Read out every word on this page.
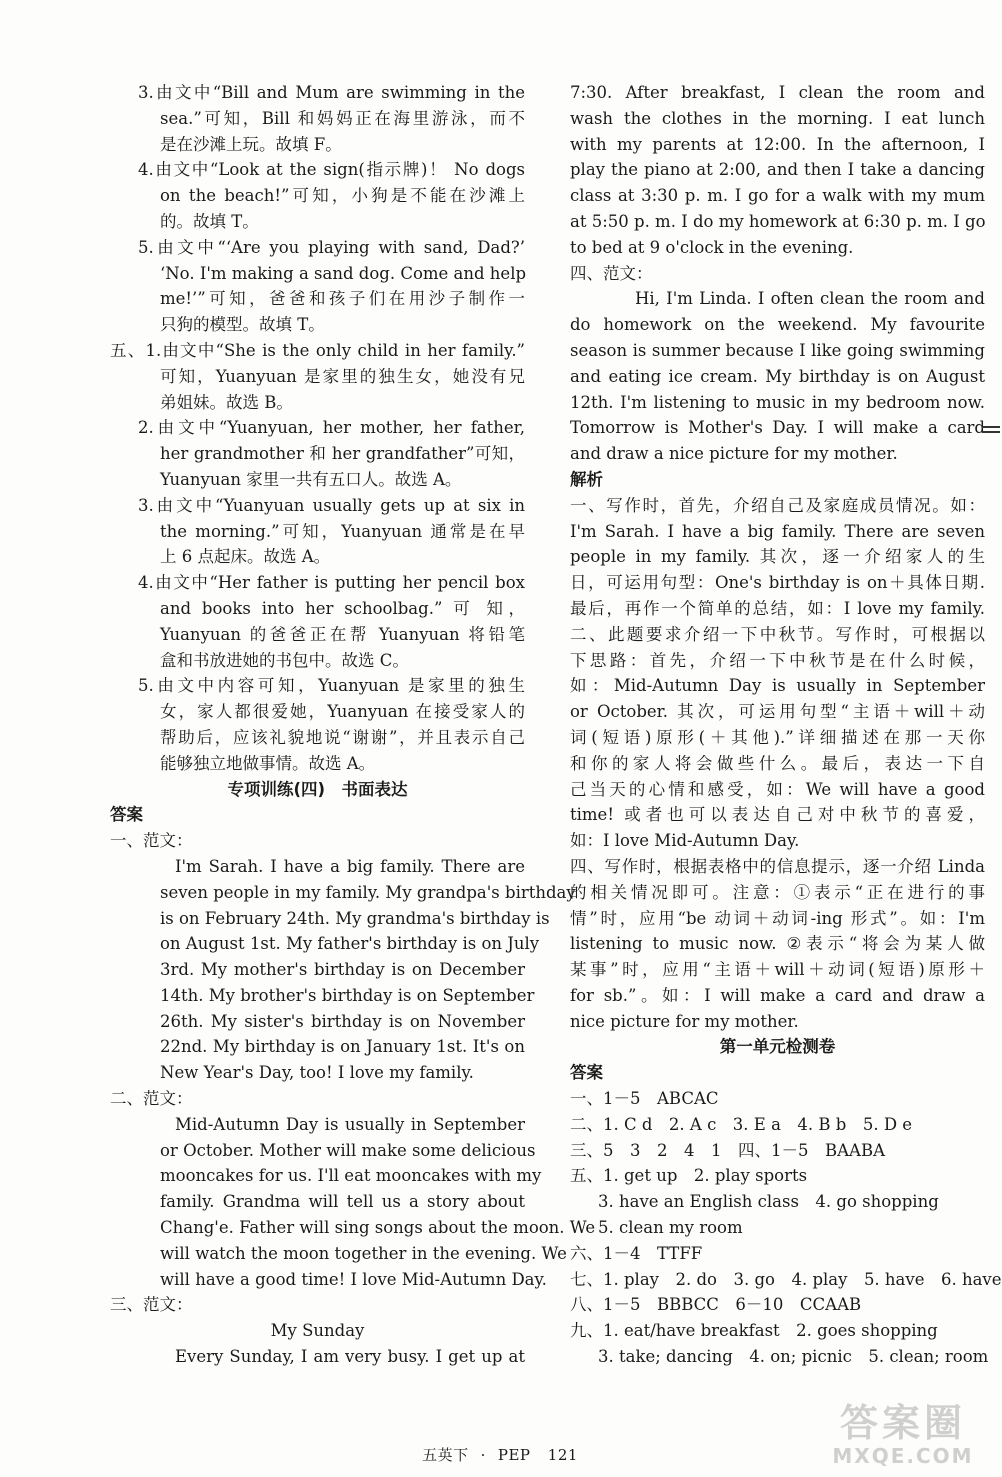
3.由文中“Bill and Mum are swimming in the
sea.”可知，Bill 和妈妈正在海里游泳，而不
是在沙滩上玩。故填 F。
4.由文中“Look at the sign(指示牌)！ No dogs
on the beach!”可知，小狗是不能在沙滩上
的。故填 T。
5.由文中“‘Are you playing with sand, Dad?’
‘No. I'm making a sand dog. Come and help
me!’”可知，爸爸和孩子们在用沙子制作一
只狗的模型。故填 T。
五、1.由文中“She is the only child in her family.”
可知，Yuanyuan 是家里的独生女，她没有兄
弟姐妹。故选 B。
2.由文中“Yuanyuan, her mother, her father,
her grandmother 和 her grandfather”可知，
Yuanyuan 家里一共有五口人。故选 A。
3.由文中“Yuanyuan usually gets up at six in
the morning.”可知，Yuanyuan 通常是在早
上 6 点起床。故选 A。
4.由文中“Her father is putting her pencil box
and books into her schoolbag.” 可 知，
Yuanyuan 的爸爸正在帮 Yuanyuan 将铅笔
盒和书放进她的书包中。故选 C。
5.由文中内容可知，Yuanyuan 是家里的独生
女，家人都很爱她，Yuanyuan 在接受家人的
帮助后，应该礼貌地说“谢谢”，并且表示自己
能够独立地做事情。故选 A。
专项训练(四)　书面表达
答案
一、范文：
I'm Sarah. I have a big family. There are
seven people in my family. My grandpa's birthday
is on February 24th. My grandma's birthday is
on August 1st. My father's birthday is on July
3rd. My mother's birthday is on December
14th. My brother's birthday is on September
26th. My sister's birthday is on November
22nd. My birthday is on January 1st. It's on
New Year's Day, too! I love my family.
二、范文：
Mid-Autumn Day is usually in September
or October. Mother will make some delicious
mooncakes for us. I'll eat mooncakes with my
family. Grandma will tell us a story about
Chang'e. Father will sing songs about the moon. We
will watch the moon together in the evening. We
will have a good time! I love Mid-Autumn Day.
三、范文：
My Sunday
Every Sunday, I am very busy. I get up at
7:30. After breakfast, I clean the room and
wash the clothes in the morning. I eat lunch
with my parents at 12:00. In the afternoon, I
play the piano at 2:00, and then I take a dancing
class at 3:30 p. m. I go for a walk with my mum
at 5:50 p. m. I do my homework at 6:30 p. m. I go
to bed at 9 o'clock in the evening.
四、范文：
Hi, I'm Linda. I often clean the room and
do homework on the weekend. My favourite
season is summer because I like going swimming
and eating ice cream. My birthday is on August
12th. I'm listening to music in my bedroom now.
Tomorrow is Mother's Day. I will make a card
and draw a nice picture for my mother.
解析
一、写作时，首先，介绍自己及家庭成员情况。如：
I'm Sarah. I have a big family. There are seven
people in my family. 其次，逐一介绍家人的生
日，可运用句型：One's birthday is on＋具体日期.
最后，再作一个简单的总结，如：I love my family.
二、此题要求介绍一下中秋节。写作时，可根据以
下思路：首先，介绍一下中秋节是在什么时候，
如：Mid-Autumn Day is usually in September
or October. 其次，可运用句型“主语＋will＋动
词(短语)原形(＋其他).”详细描述在那一天你
和你的家人将会做些什么。最后，表达一下自
己当天的心情和感受，如：We will have a good
time! 或者也可以表达自己对中秋节的喜爱，
如：I love Mid-Autumn Day.
四、写作时，根据表格中的信息提示，逐一介绍 Linda
的相关情况即可。注意：①表示“正在进行的事
情”时，应用“be 动词＋动词-ing 形式”。如：I'm
listening to music now. ②表示“将会为某人做
某事”时，应用“主语＋will＋动词(短语)原形＋
for sb.”。如：I will make a card and draw a
nice picture for my mother.
第一单元检测卷
答案
一、1－5　ABCAC
二、1. C d　2. A c　3. E a　4. B b　5. D e
三、5　3　2　4　1　四、1－5　BAABA
五、1. get up　2. play sports
3. have an English class　4. go shopping
5. clean my room
六、1－4　TTFF
七、1. play　2. do　3. go　4. play　5. have　6. have
八、1－5　BBBCC　6－10　CCAAB
九、1. eat/have breakfast　2. goes shopping
3. take; dancing　4. on; picnic　5. clean; room
五英下 · PEP 121
答案圈
MXQE.COM
